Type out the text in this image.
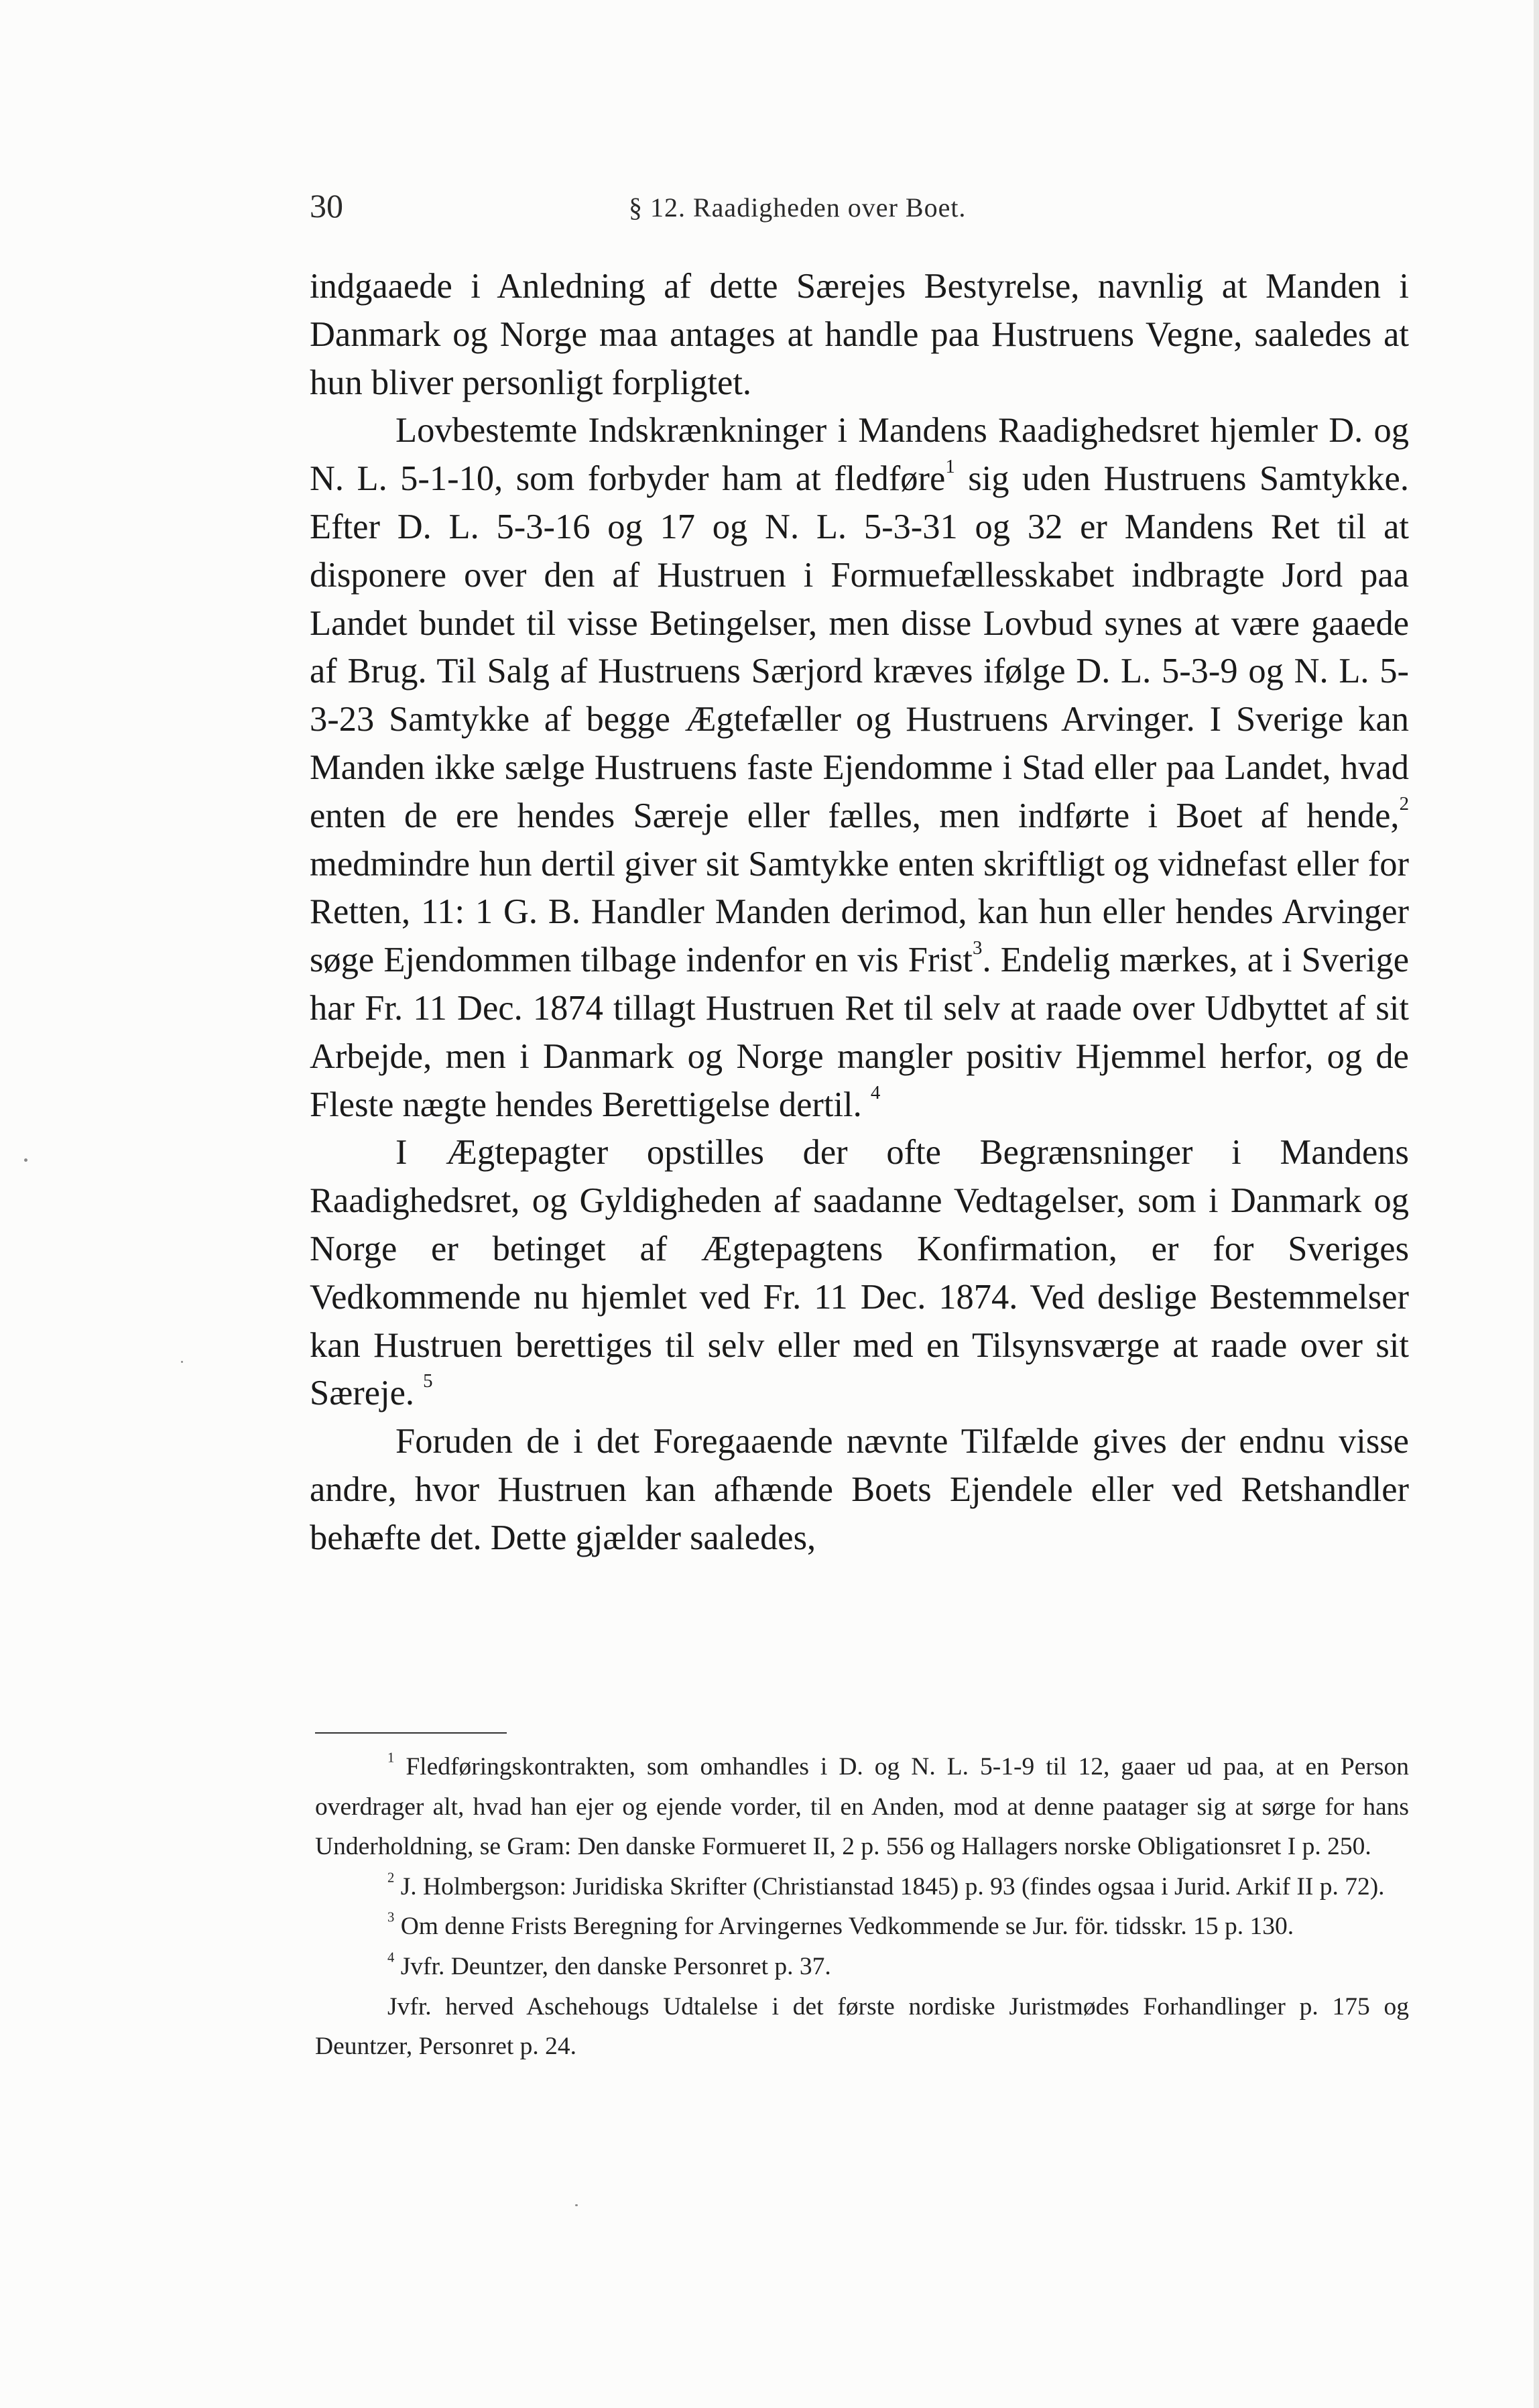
30	§ 12. Raadigheden over Boet.

indgaaede i Anledning af dette Særejes Bestyrelse, navnlig at Manden i Danmark og Norge maa antages at handle paa Hustruens Vegne, saaledes at hun bliver personligt forpligtet.

Lovbestemte Indskrænkninger i Mandens Raadighedsret hjemler D. og N. L. 5-1-10, som forbyder ham at fledføre$^1$ sig uden Hustruens Samtykke. Efter D. L. 5-3-16 og 17 og N. L. 5-3-31 og 32 er Mandens Ret til at disponere over den af Hustruen i Formuefællesskabet indbragte Jord paa Landet bundet til visse Betingelser, men disse Lovbud synes at være gaaede af Brug. Til Salg af Hustruens Særjord kræves ifølge D. L. 5-3-9 og N. L. 5-3-23 Samtykke af begge Ægtefæller og Hustruens Arvinger. I Sverige kan Manden ikke sælge Hustruens faste Ejendomme i Stad eller paa Landet, hvad enten de ere hendes Særeje eller fælles, men indførte i Boet af hende,$^2$ medmindre hun dertil giver sit Samtykke enten skriftligt og vidnefast eller for Retten, 11: 1 G. B. Handler Manden derimod, kan hun eller hendes Arvinger søge Ejendommen tilbage indenfor en vis Frist$^3$. Endelig mærkes, at i Sverige har Fr. 11 Dec. 1874 tillagt Hustruen Ret til selv at raade over Udbyttet af sit Arbejde, men i Danmark og Norge mangler positiv Hjemmel herfor, og de Fleste nægte hendes Berettigelse dertil. $^4$

I Ægtepagter opstilles der ofte Begrænsninger i Mandens Raadighedsret, og Gyldigheden af saadanne Vedtagelser, som i Danmark og Norge er betinget af Ægtepagtens Konfirmation, er for Sveriges Vedkommende nu hjemlet ved Fr. 11 Dec. 1874. Ved deslige Bestemmelser kan Hustruen berettiges til selv eller med en Tilsynsværge at raade over sit Særeje. $^5$

Foruden de i det Foregaaende nævnte Tilfælde gives der endnu visse andre, hvor Hustruen kan afhænde Boets Ejendele eller ved Retshandler behæfte det. Dette gjælder saaledes,

$^1$ Fledføringskontrakten, som omhandles i D. og N. L. 5-1-9 til 12, gaaer ud paa, at en Person overdrager alt, hvad han ejer og ejende vorder, til en Anden, mod at denne paatager sig at sørge for hans Underholdning, se Gram: Den danske Formueret II, 2 p. 556 og Hallagers norske Obligationsret I p. 250.

$^2$ J. Holmbergson: Juridiska Skrifter (Christianstad 1845) p. 93 (findes ogsaa i Jurid. Arkif II p. 72).

$^3$ Om denne Frists Beregning for Arvingernes Vedkommende se Jur. för. tidsskr. 15 p. 130.

$^4$ Jvfr. Deuntzer, den danske Personret p. 37.

Jvfr. herved Aschehougs Udtalelse i det første nordiske Juristmødes Forhandlinger p. 175 og Deuntzer, Personret p. 24.
